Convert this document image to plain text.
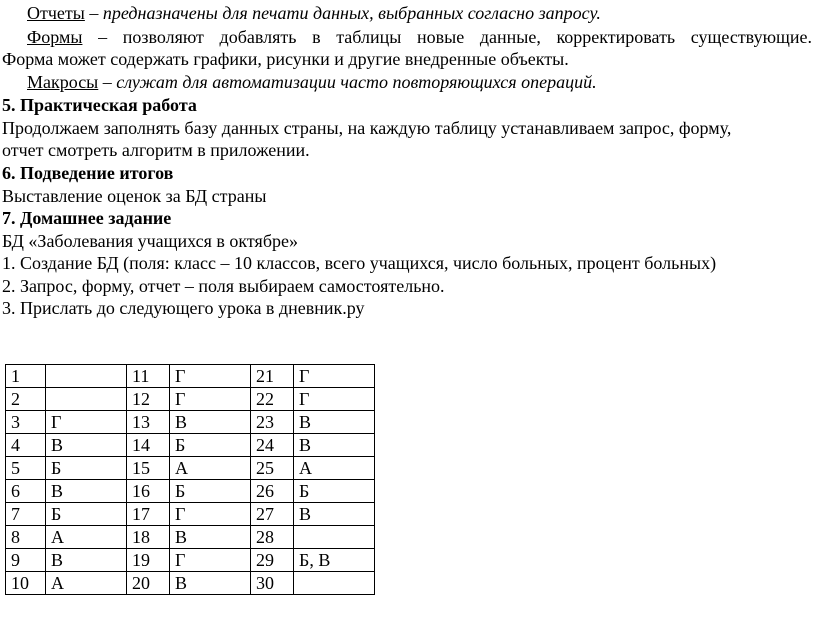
Отчеты – предназначены для печати данных, выбранных согласно запросу.
Формы – позволяют добавлять в таблицы новые данные, корректировать существующие.
Форма может содержать графики, рисунки и другие внедренные объекты.
Макросы – служат для автоматизации часто повторяющихся операций.
5. Практическая работа
Продолжаем заполнять базу данных страны, на каждую таблицу устанавливаем запрос, форму,
отчет смотреть алгоритм в приложении.
6. Подведение итогов
Выставление оценок за БД страны
7. Домашнее задание
БД «Заболевания учащихся в октябре»
1. Создание БД (поля: класс – 10 классов, всего учащихся, число больных, процент больных)
2. Запрос, форму, отчет – поля выбираем самостоятельно.
3. Прислать до следующего урока в дневник.ру
1		11	Г	21	Г
2		12	Г	22	Г
3	Г	13	В	23	В
4	В	14	Б	24	В
5	Б	15	А	25	А
6	В	16	Б	26	Б
7	Б	17	Г	27	В
8	А	18	В	28	
9	В	19	Г	29	Б, В
10	А	20	В	30	
